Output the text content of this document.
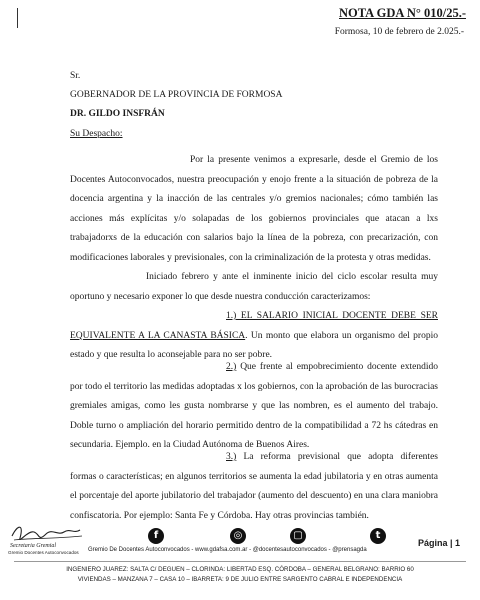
NOTA GDA N° 010/25.-
Formosa, 10 de febrero de 2.025.-
Sr.
GOBERNADOR DE LA PROVINCIA DE FORMOSA
DR. GILDO INSFRÁN
Su Despacho:

Por la presente venimos a expresarle, desde el Gremio de los Docentes Autoconvocados, nuestra preocupación y enojo frente a la situación de pobreza de la docencia argentina y la inacción de las centrales y/o gremios nacionales; cómo también las acciones más explícitas y/o solapadas de los gobiernos provinciales que atacan a lxs trabajadorxs de la educación con salarios bajo la línea de la pobreza, con precarización, con modificaciones laborales y previsionales, con la criminalización de la protesta y otras medidas.

Iniciado febrero y ante el inminente inicio del ciclo escolar resulta muy oportuno y necesario exponer lo que desde nuestra conducción caracterizamos:

1.) EL SALARIO INICIAL DOCENTE DEBE SER EQUIVALENTE A LA CANASTA BÁSICA. Un monto que elabora un organismo del propio estado y que resulta lo aconsejable para no ser pobre.

2.) Que frente al empobrecimiento docente extendido por todo el territorio las medidas adoptadas x los gobiernos, con la aprobación de las burocracias gremiales amigas, como les gusta nombrarse y que las nombren, es el aumento del trabajo. Doble turno o ampliación del horario permitido dentro de la compatibilidad a 72 hs cátedras en secundaria. Ejemplo. en la Ciudad Autónoma de Buenos Aires.

3.) La reforma previsional que adopta diferentes formas o características; en algunos territorios se aumenta la edad jubilatoria y en otras aumenta el porcentaje del aporte jubilatorio del trabajador (aumento del descuento) en una clara maniobra confiscatoria. Por ejemplo: Santa Fe y Córdoba. Hay otras provincias también.

Secretaria Gremial
Gremio Docentes Autoconvocados
f	◎	▢	t
Gremio De Docentes Autoconvocados - www.gdafsa.com.ar - @docentesautoconvocados - @prensagda
Página | 1
INGENIERO JUAREZ: SALTA C/ DEGUEN – CLORINDA: LIBERTAD ESQ. CÓRDOBA – GENERAL BELGRANO: BARRIO 60
VIVIENDAS – MANZANA 7 – CASA 10 – IBARRETA: 9 DE JULIO ENTRE SARGENTO CABRAL E INDEPENDENCIA
